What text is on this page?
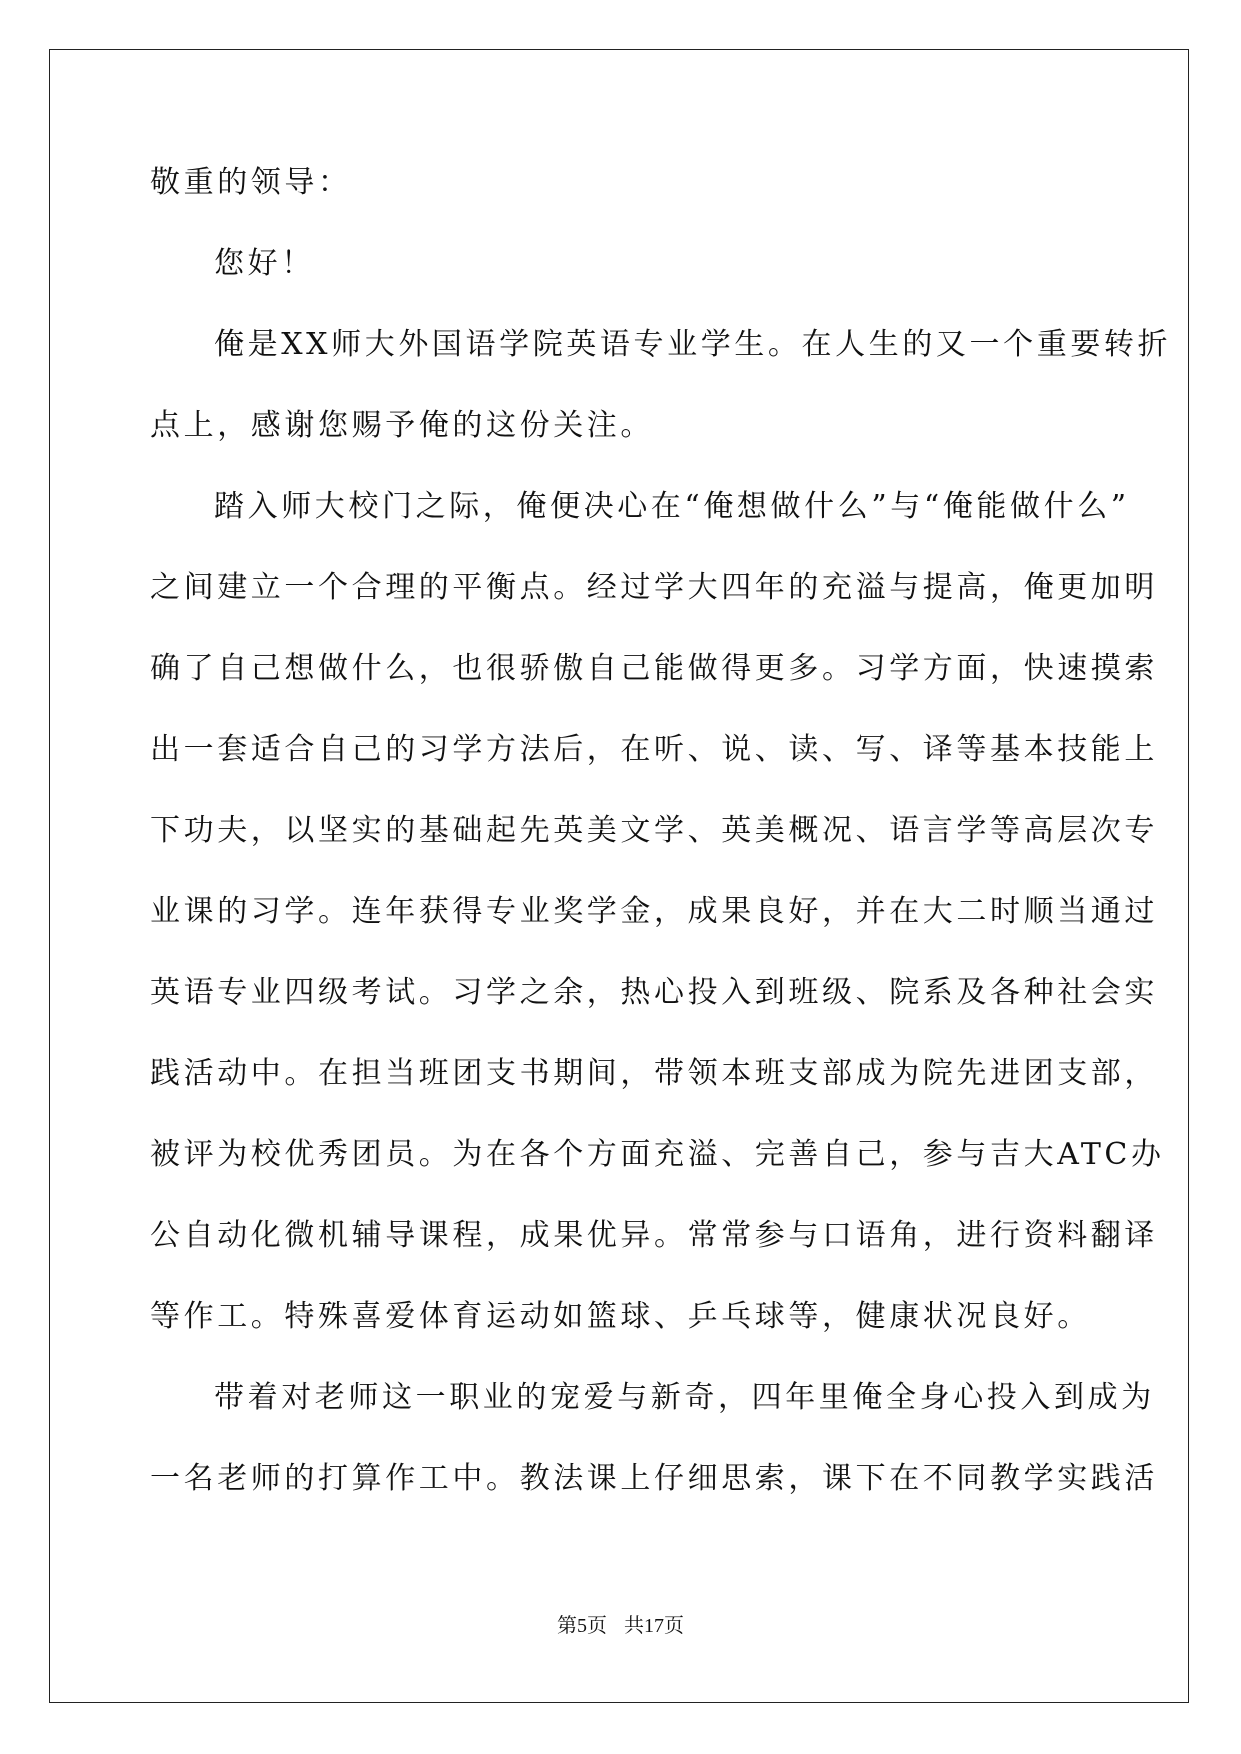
敬重的领导：
您好！
俺是XX师大外国语学院英语专业学生。在人生的又一个重要转折
点上，感谢您赐予俺的这份关注。
踏入师大校门之际，俺便决心在“俺想做什么”与“俺能做什么”
之间建立一个合理的平衡点。经过学大四年的充溢与提高，俺更加明
确了自己想做什么，也很骄傲自己能做得更多。习学方面，快速摸索
出一套适合自己的习学方法后，在听、说、读、写、译等基本技能上
下功夫，以坚实的基础起先英美文学、英美概况、语言学等高层次专
业课的习学。连年获得专业奖学金，成果良好，并在大二时顺当通过
英语专业四级考试。习学之余，热心投入到班级、院系及各种社会实
践活动中。在担当班团支书期间，带领本班支部成为院先进团支部，
被评为校优秀团员。为在各个方面充溢、完善自己，参与吉大ATC办
公自动化微机辅导课程，成果优异。常常参与口语角，进行资料翻译
等作工。特殊喜爱体育运动如篮球、乒乓球等，健康状况良好。
带着对老师这一职业的宠爱与新奇，四年里俺全身心投入到成为
一名老师的打算作工中。教法课上仔细思索，课下在不同教学实践活
第5页 共17页
